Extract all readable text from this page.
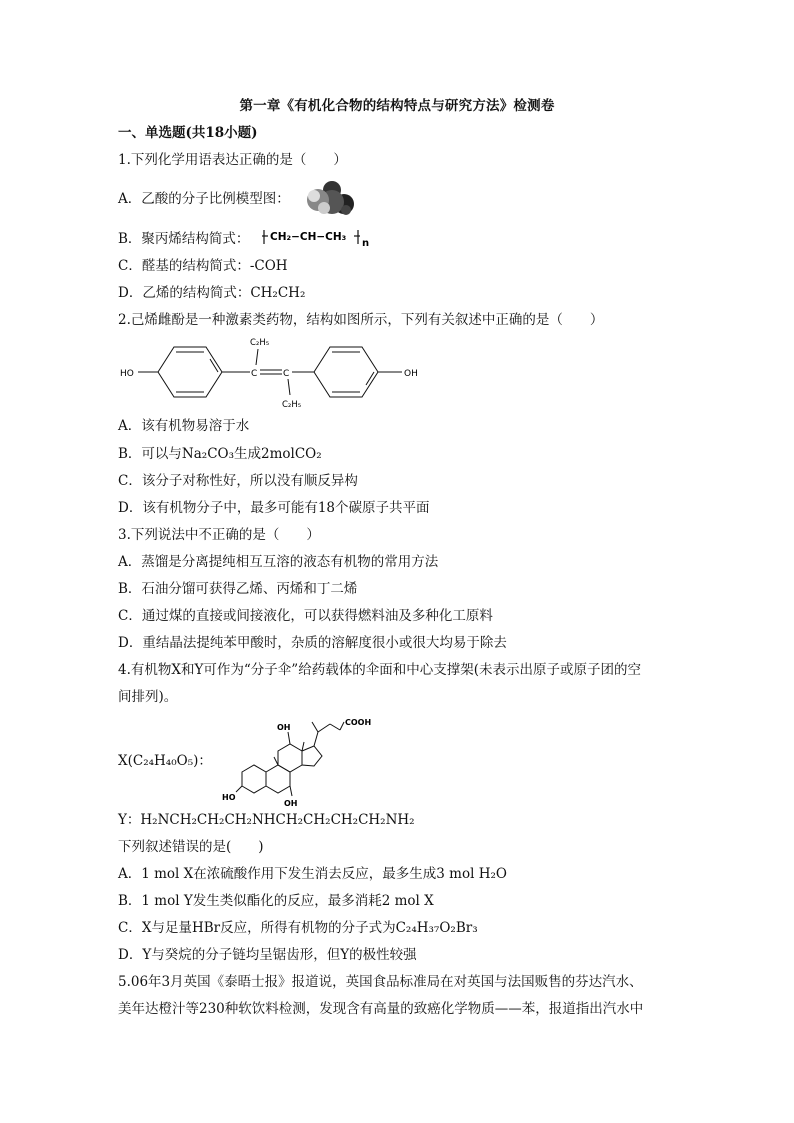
第一章《有机化合物的结构特点与研究方法》检测卷
一、单选题(共18小题)
1.下列化学用语表达正确的是（　　）
A．乙酸的分子比例模型图：
B．聚丙烯结构简式： CH₂−CH−CH₃
n
C．醛基的结构简式：-COH
D．乙烯的结构简式：CH₂CH₂
2.己烯雌酚是一种激素类药物，结构如图所示，下列有关叙述中正确的是（　　）
HO	C	C
C₂H₅
C₂H₅
OH
A．该有机物易溶于水
B．可以与Na₂CO₃生成2molCO₂
C．该分子对称性好，所以没有顺反异构
D．该有机物分子中，最多可能有18个碳原子共平面
3.下列说法中不正确的是（　　）
A．蒸馏是分离提纯相互互溶的液态有机物的常用方法
B．石油分馏可获得乙烯、丙烯和丁二烯
C．通过煤的直接或间接液化，可以获得燃料油及多种化工原料
D．重结晶法提纯苯甲酸时，杂质的溶解度很小或很大均易于除去
4.有机物X和Y可作为“分子伞”给药载体的伞面和中心支撑架(未表示出原子或原子团的空
间排列)。
X(C₂₄H₄₀O₅)：
OH
COOH
HO
OH
Y：H₂NCH₂CH₂CH₂NHCH₂CH₂CH₂CH₂NH₂
下列叙述错误的是(　　)
A．1 mol X在浓硫酸作用下发生消去反应，最多生成3 mol H₂O
B．1 mol Y发生类似酯化的反应，最多消耗2 mol X
C．X与足量HBr反应，所得有机物的分子式为C₂₄H₃₇O₂Br₃
D．Y与癸烷的分子链均呈锯齿形，但Y的极性较强
5.06年3月英国《泰晤士报》报道说，英国食品标准局在对英国与法国贩售的芬达汽水、
美年达橙汁等230种软饮料检测，发现含有高量的致癌化学物质——苯，报道指出汽水中
